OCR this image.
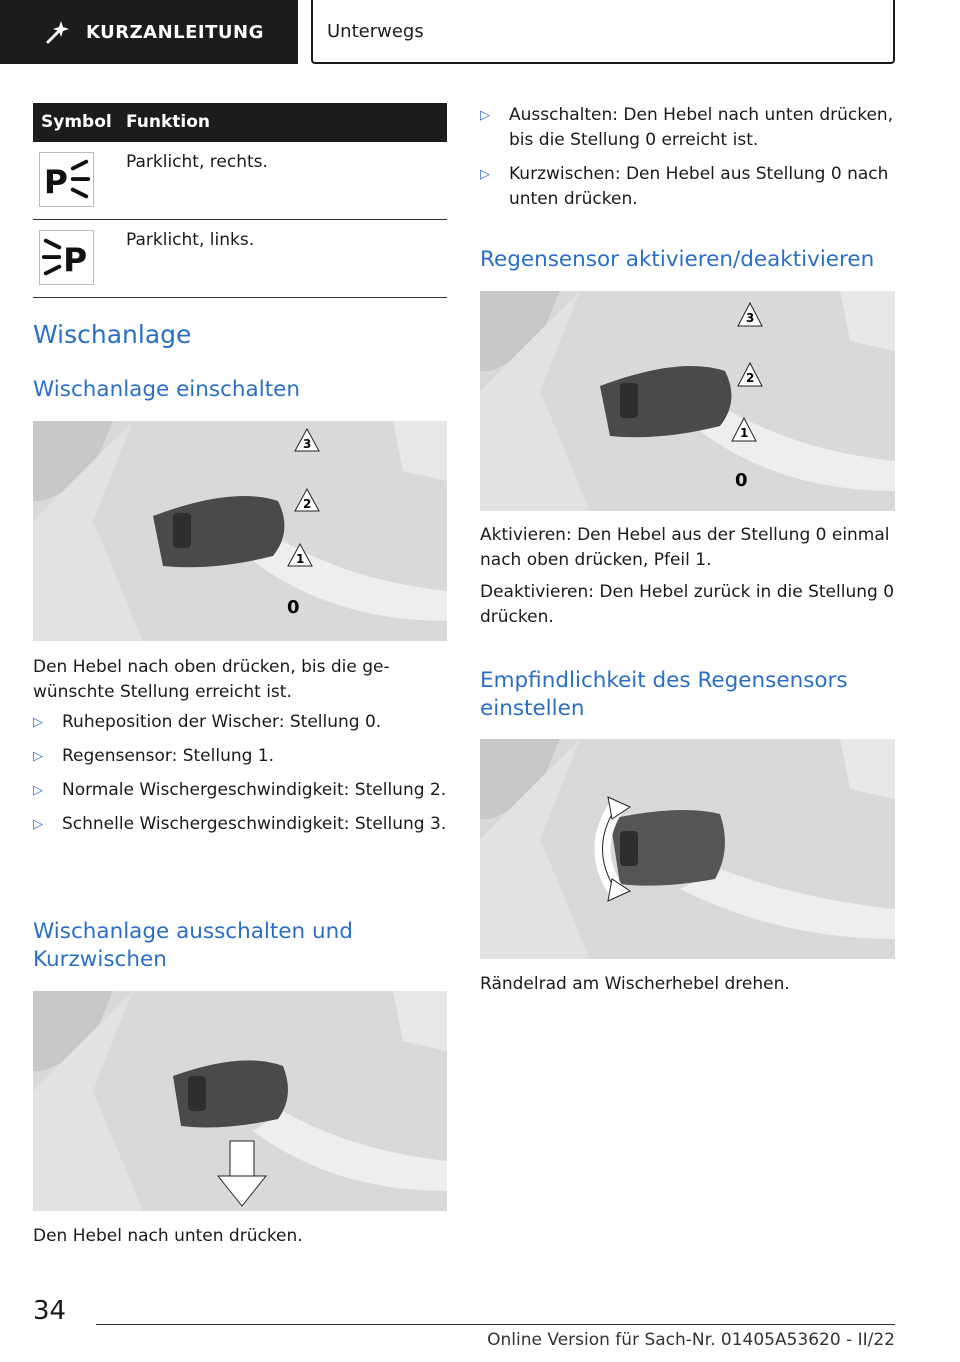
KURZANLEITUNG	Unterwegs
Symbol Funktion
P
Parklicht, rechts.
P
Parklicht, links.
Wischanlage
Wischanlage einschalten
3
2
1
0

Den Hebel nach oben drücken, bis die gewünschte Stellung erreicht ist.

▷ Ruheposition der Wischer: Stellung 0.
▷ Regensensor: Stellung 1.
▷ Normale Wischergeschwindigkeit: Stellung 2.
▷ Schnelle Wischergeschwindigkeit: Stellung 3.
Wischanlage ausschalten und Kurzwischen

Den Hebel nach unten drücken.

▷ Ausschalten: Den Hebel nach unten drücken, bis die Stellung 0 erreicht ist.
▷ Kurzwischen: Den Hebel aus Stellung 0 nach unten drücken.
Regensensor aktivieren/deaktivieren
3
2
1
0

Aktivieren: Den Hebel aus der Stellung 0 einmal nach oben drücken, Pfeil 1.

Deaktivieren: Den Hebel zurück in die Stellung 0 drücken.

Empfindlichkeit des Regensensors einstellen

Rändelrad am Wischerhebel drehen.

34
Online Version für Sach-Nr. 01405A53620 - II/22
